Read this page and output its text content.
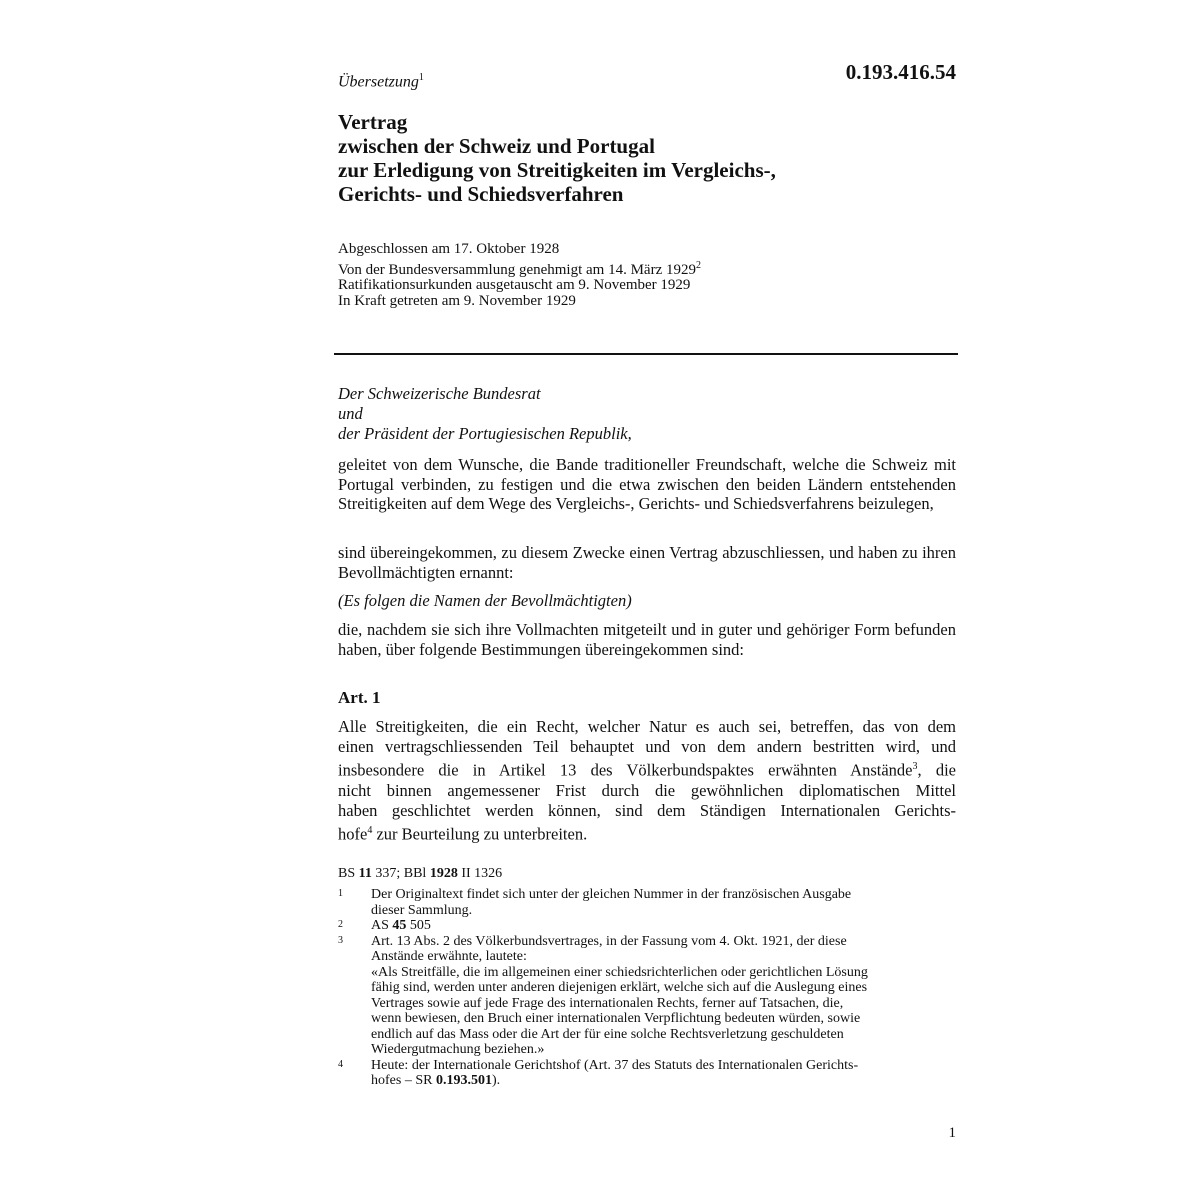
Übersetzung$^1$	0.193.416.54
Vertrag
zwischen der Schweiz und Portugal
zur Erledigung von Streitigkeiten im Vergleichs-,
Gerichts- und Schiedsverfahren
Abgeschlossen am 17. Oktober 1928
Von der Bundesversammlung genehmigt am 14. März 1929$^2$
Ratifikationsurkunden ausgetauscht am 9. November 1929
In Kraft getreten am 9. November 1929
Der Schweizerische Bundesrat
und
der Präsident der Portugiesischen Republik,
geleitet von dem Wunsche, die Bande traditioneller Freundschaft, welche die Schweiz mit Portugal verbinden, zu festigen und die etwa zwischen den beiden Ländern entstehenden Streitigkeiten auf dem Wege des Vergleichs-, Gerichts- und Schiedsverfahrens beizulegen,
sind übereingekommen, zu diesem Zwecke einen Vertrag abzuschliessen, und haben zu ihren Bevollmächtigten ernannt:
(Es folgen die Namen der Bevollmächtigten)
die, nachdem sie sich ihre Vollmachten mitgeteilt und in guter und gehöriger Form befunden haben, über folgende Bestimmungen übereingekommen sind:
Art. 1
Alle Streitigkeiten, die ein Recht, welcher Natur es auch sei, betreffen, das von dem
einen vertragschliessenden Teil behauptet und von dem andern bestritten wird, und
insbesondere die in Artikel 13 des Völkerbundspaktes erwähnten Anstände$^3$, die
nicht binnen angemessener Frist durch die gewöhnlichen diplomatischen Mittel
haben geschlichtet werden können, sind dem Ständigen Internationalen Gerichts-
hofe$^4$ zur Beurteilung zu unterbreiten.
BS 11 337; BBl 1928 II 1326
1	Der Originaltext findet sich unter der gleichen Nummer in der französischen Ausgabe
dieser Sammlung.
2	AS 45 505
3	Art. 13 Abs. 2 des Völkerbundsvertrages, in der Fassung vom 4. Okt. 1921, der diese
Anstände erwähnte, lautete:
«Als Streitfälle, die im allgemeinen einer schiedsrichterlichen oder gerichtlichen Lösung
fähig sind, werden unter anderen diejenigen erklärt, welche sich auf die Auslegung eines
Vertrages sowie auf jede Frage des internationalen Rechts, ferner auf Tatsachen, die,
wenn bewiesen, den Bruch einer internationalen Verpflichtung bedeuten würden, sowie
endlich auf das Mass oder die Art der für eine solche Rechtsverletzung geschuldeten
Wiedergutmachung beziehen.»
4	Heute: der Internationale Gerichtshof (Art. 37 des Statuts des Internationalen Gerichts-
hofes – SR 0.193.501).
1
